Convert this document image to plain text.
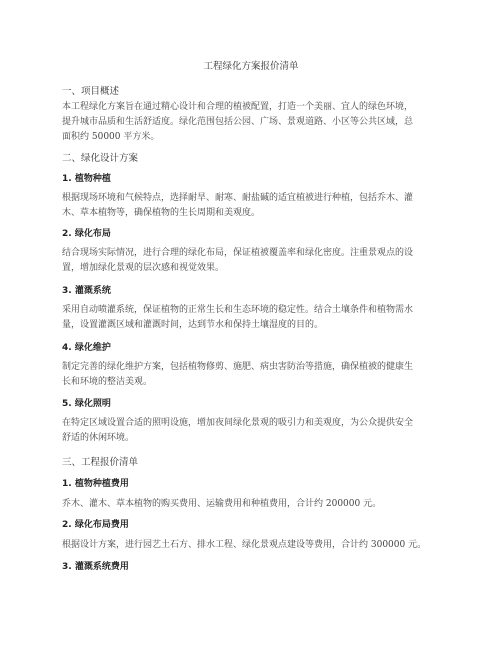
工程绿化方案报价清单
一、项目概述
本工程绿化方案旨在通过精心设计和合理的植被配置，打造一个美丽、宜人的绿色环境，
提升城市品质和生活舒适度。绿化范围包括公园、广场、景观道路、小区等公共区域，总
面积约 50000 平方米。
二、绿化设计方案
1. 植物种植
根据现场环境和气候特点，选择耐旱、耐寒、耐盐碱的适宜植被进行种植，包括乔木、灌
木、草本植物等，确保植物的生长周期和美观度。
2. 绿化布局
结合现场实际情况，进行合理的绿化布局，保证植被覆盖率和绿化密度。注重景观点的设
置，增加绿化景观的层次感和视觉效果。
3. 灌溉系统
采用自动喷灌系统，保证植物的正常生长和生态环境的稳定性。结合土壤条件和植物需水
量，设置灌溉区域和灌溉时间，达到节水和保持土壤湿度的目的。
4. 绿化维护
制定完善的绿化维护方案，包括植物修剪、施肥、病虫害防治等措施，确保植被的健康生
长和环境的整洁美观。
5. 绿化照明
在特定区域设置合适的照明设施，增加夜间绿化景观的吸引力和美观度，为公众提供安全
舒适的休闲环境。
三、工程报价清单
1. 植物种植费用
乔木、灌木、草本植物的购买费用、运输费用和种植费用，合计约 200000 元。
2. 绿化布局费用
根据设计方案，进行园艺土石方、排水工程、绿化景观点建设等费用，合计约 300000 元。
3. 灌溉系统费用
